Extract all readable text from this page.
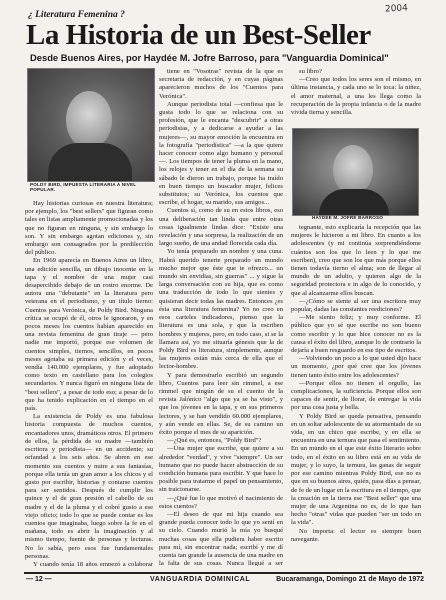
2004
¿ Literatura Femenina ?
La Historia de un Best-Seller
Desde Buenos Aires, por Haydée M. Jofre Barroso, para "Vanguardia Dominical"
POLDY BIRD, IMPUESTA LITERARIA A NIVEL POPULAR.

Hay historias curiosas en nuestra literatura; por ejemplo, los "best sellers" que figuran como tales en listas ampliamente promocionadas y los que no figuran en ninguna, y sin embargo lo son. Y sin embargo agotan ediciones y, sin embargo son consagrados por la predilección del público.

En 1969 aparecía en Buenos Aires un libro, una edición sencilla, un dibujo inocente en la tapa y el nombre de una mujer casi desapercibido debajo de un rostro enorme. De autora una "debutante" en la literatura pero veterana en el periodismo, y un título tierno: Cuentos para Verónica, de Poldy Bird. Ninguna crítica se ocupó de él, otros le ignoraron, y en pocos meses los cuentos habían aparecido en una revista femenina de gran tiraje — pero nadie me importó, porque ese volumen de cuentos simples, tiernos, sencillos, en pocos meses agotaba su primera edición y el veces, vendía 140.000 ejemplares, y fue adoptado como texto en castellano para los colegios secundarios. Y nunca figuró en ninguna lista de "best sellers", a pesar de todo eso; a pesar de lo que ha tenido explicación en el tiempo en el país.

La existencia de Poldy es una fabulosa historia compuesta de muchos cuentos, encantadores unos, dramáticos otros. El primero de ellos, la pérdida de su madre —también escritora y periodista— en un accidente; su orfandad a los seis años. Se abren en ese momento sus cuentos y nutre a sus fantasías, porque ella tenía un gran amor a los chicos y el gusto por escribir, historias y contarse cuentos para ser sentidos. Después de cumplir los quince y el de gran presión el cabello de su madre y el de la pluma y el cobré gusto a ese viejo oficio; todo lo que se puede contar es los cuentos que imaginaba, luego sobre la fe en el mañana, todo es abrir la imaginación y al mismo tiempo, fuente de personas y lecturas. No lo sabía, pero esos fue fundamentales personas.

Y cuando tenía 18 años empezó a colaborar

tiene en "Vosotras" revista de la que es secretaria de redacción, y en cuyas páginas aparecieron muchos de los "Cuentos para Verónica".

Aunque periodista total —confiesa que le gusta todo lo que se relaciona con su profesión, que le encanta "descubrir" a otras periodistas, y a dedicarse a ayudar a las mujeres—, su mayor emoción la encuentra en la fotografía "periodística" —a la que quiere hacer conocer como algo humano y personal—. Los tiempos de tener la pluma en la mano, los relojes y tener en el día de la semana su sábado le dieron un trabajo, porque ha traído en buen tiempo un buscador mujer, felices substitutos; su Verónica, los cuentos que escribe, el hogar, su marido, sus amigos...

Cuentos sí, como de su en estos libros, eso una deliberación tan linda que entre otras cosas igualmente lindas dice: "Existe una revelación y una sorpresa, la realización de un largo sueño, de una andad florecida cada día.

Yo tenía preparado un nombre y una cuna. Habrá querido tenerte preparado un mundo mucho mejor que éste que te ofrezco... un mundo sin envidias, sin guerras" ... y sigue la larga conversación con su hija, que es como una traducción de todo lo que sientes y quisieran decir todas las madres. Entonces ¿es ésta una literatura femenina? Yo no creo en esos carteles indicadores, pienso que la literatura es una sola, y que la escriben hombres y mujeres, pero, en todo caso, si se la llamara así, yo me situaría génesis que la de Poldy Bird es literatura, simplemente, aunque las mujeres están más cerca de ella que el lector-hombre.

Y para demostrarlo escribió un segundo libro, Cuentos para leer sin rimmel, a ese rimmel que ningún de su el cuento de la revista Jalónico "algo que ya se ha visto", y que los jóvenes en la tapa, y en sus primeros lectores, y se han vendido 60.000 ejemplares, y aún vende en ellas. Se, de su camino un éxito porque el mes de su aparición.

—¿Qué es, entonces, "Poldy Bird"?

—Una mujer que escribe, que quiere a su alrededor "verdad", y vive "siempre". Un ser humano que no puede hacer abstracción de su condición humana para escribir. Y que hace lo posible para tratarme el papel un pensamiento, sin traicionarse.

—¿Qué fue lo que motivó el nacimiento de estos cuentos?

—El deseo de que mi hija cuando sea grande pueda conocer todo lo que yo sentí en su cielo. Cuando murió la mía yo busqué muchas cosas que ella pudiera haber escrito para mí, sin encontrar nada; escribí y me dí cuenta tan grande la ausencia de una madre en la falta de sus cosas. Nunca llegué a ser

su libro?

—Creo que todos los seres son el mismo, en última instancia, y cada uno se lo toca: la niñez, el amor maternal, a una les llega como la recuperación de la propia infancia o de la madre vivida tierna y sencilla.

HAYDEE M. JOFRE BARROSO

tegnante, esto explicaría la recepción que las mujeres le hicieron a mi libro. En cuanto a los adolescentes (y mi continúa sorprendiéndome cuántos son los que lo leen y lo que me escriben), creo que son los que más porque ellos tienen todavía tierno el alma; son de llegar al mundo de un adulto, y quieren algo de la seguridad protectora e in algo de lo conocido, y que al alcanzarme ellos buscan.

—¿Cómo se siente al ser una escritora muy popular, dadas las constantes reediciones?

—Me siento feliz; y muy conforme. El público que yo sé que escribe no son bueno como escribir y lo que hice conocer no es la causa el éxito del libro, aunque lo de contrario la dejaría a buen resguardo en ese tipo de escritos.

—Volviendo un poco a lo que usted dijo hace un momento, ¿por qué cree que los jóvenes tienen tanto éxito entre los adolescentes?

—Porque ellos no tienen el orgullo, las complicaciones, la suficiencia. Porque ellos son capaces de sentir, de llorar, de entregar la vida por una cosa justa y bella.

Y Poldy Bird se queda pensativa, pensando en un soltar adolescente de su atormentado de su vida, en un chico que escribe, y en ella se encuentra en una ternura que pasa el sentimiento. En un mundo en el que este éxito literario sobre todo, en el éxito en su libro está en su vida de mujer, y lo suyo, la ternura, las ganas de seguir por ese camino mientras Poldy Bird, ese no es que en su buenos aires, quién, pasa días a pensar, de fe de un lugar en la escritura en el tiempo, que la creación en la tierra ese "Best seller" que una mujer de una Argentina no es, de lo que han hecho "otras" vidas que pueden "ser un todo en la vida".

No importa: el lector es siempre buen navegante.

— 12 —	VANGUARDIA DOMINICAL	Bucaramanga, Domingo 21 de Mayo de 1972
